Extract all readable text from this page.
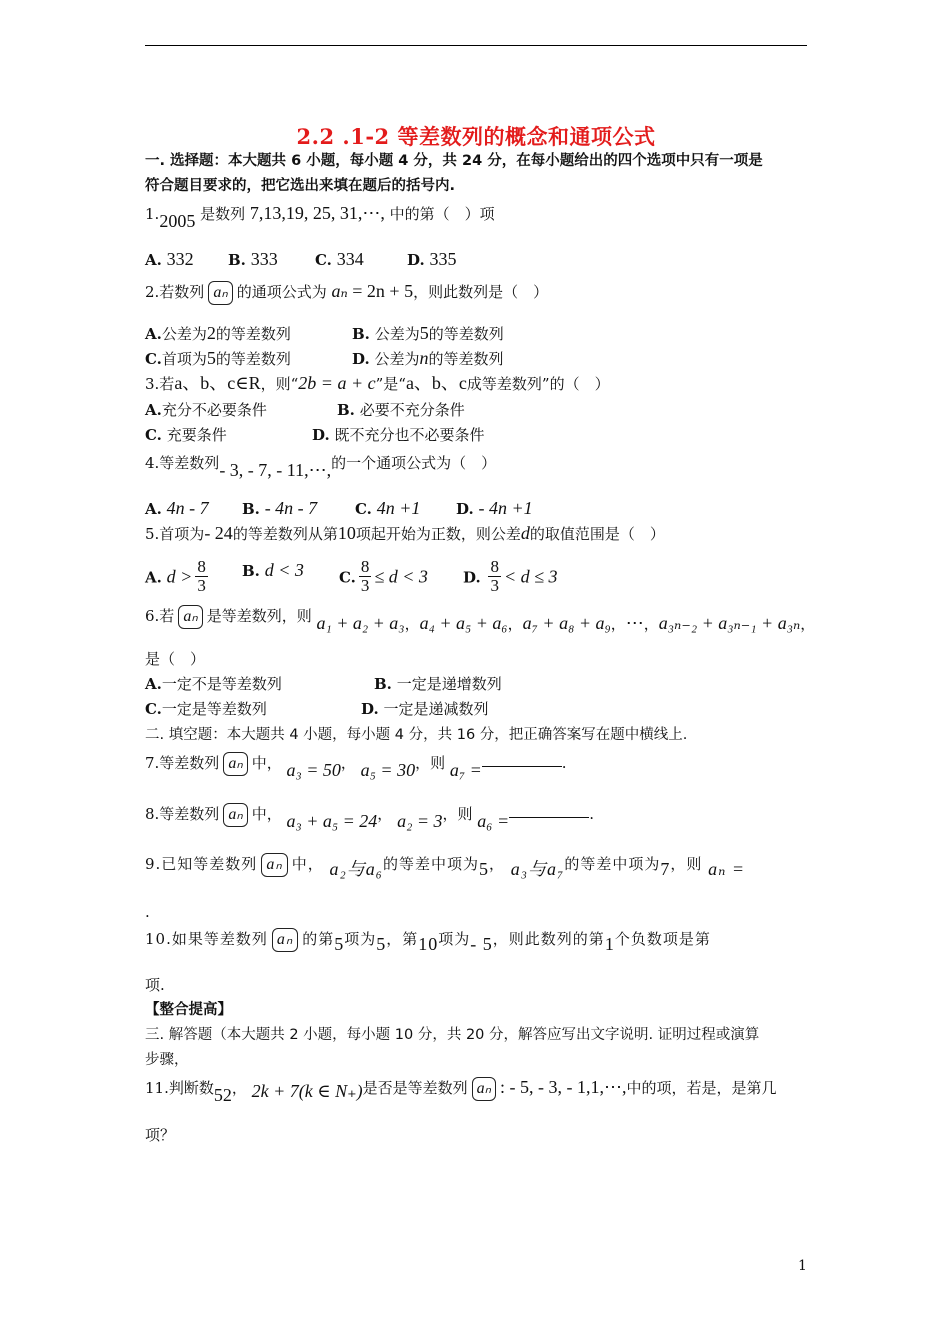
2.2 .1-2 等差数列的概念和通项公式
一. 选择题：本大题共 6 小题，每小题 4 分，共 24 分，在每小题给出的四个选项中只有一项是
符合题目要求的，把它选出来填在题后的括号内.
1.2005 是数列 7,13,19, 25, 31,⋯, 中的第（　）项
A. 332 B. 333 C. 334	D. 335
2.若数列 aₙ 的通项公式为 aₙ = 2n + 5，则此数列是（　）
A.公差为2的等差数列	B. 公差为5的等差数列
C.首项为5的等差数列	D. 公差为n的等差数列
3.若a、b、c∈R，则“2b = a + c”是“a、b、c成等差数列”的（　）
A.充分不必要条件	B. 必要不充分条件
C. 充要条件	D. 既不充分也不必要条件
4.等差数列- 3, - 7, - 11,⋯,的一个通项公式为（　）
A. 4n - 7 B. - 4n - 7	C. 4n +1 D. - 4n +1
5.首项为- 24的等差数列从第10项起开始为正数，则公差d的取值范围是（　）
A. $d > \frac{8}{3} B$. d < 3 C. $\frac{8}{3} \le d < 3$ D. $\frac{8}{3} < d \le 3$
6.若 aₙ 是等差数列，则 a₁ + a₂ + a₃，a₄ + a₅ + a₆，a₇ + a₈ + a₉，⋯，a₃ₙ₋₂ + a₃ₙ₋₁ + a₃ₙ，
是（　）
A.一定不是等差数列	B. 一定是递增数列
C.一定是等差数列	D. 一定是递减数列
二. 填空题：本大题共 4 小题，每小题 4 分，共 16 分，把正确答案写在题中横线上.
7.等差数列 aₙ 中， a₃ = 50， a₅ = 30，则 a₇ =	.
8.等差数列 aₙ 中， a₃ + a₅ = 24， a₂ = 3，则 a₆ =	.
9.已知等差数列 aₙ 中， a₂与a₆的等差中项为5， a₃与a₇的等差中项为7，则 aₙ =
.
10.如果等差数列 aₙ 的第5项为5，第10项为- 5，则此数列的第1个负数项是第
项.
【整合提高】
三. 解答题（本大题共 2 小题，每小题 10 分，共 20 分，解答应写出文字说明. 证明过程或演算
步骤，
11.判断数52， 2k + 7(k ∈ N₊)是否是等差数列 aₙ : - 5, - 3, - 1,1,⋯,中的项，若是，是第几
项？
1
